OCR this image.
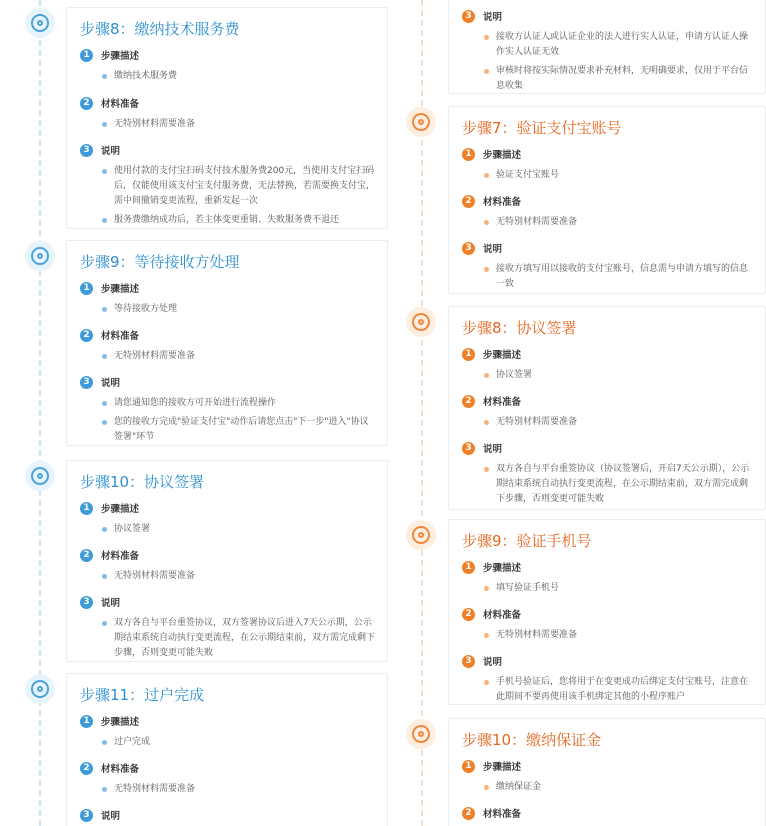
步骤8：缴纳技术服务费
1	步骤描述
缴纳技术服务费
2	材料准备
无特别材料需要准备
3	说明
使用付款的支付宝扫码支付技术服务费200元，当使用支付宝扫码后，仅能使用该支付宝支付服务费，无法替换，若需要换支付宝，需中间撤销变更流程，重新发起一次
服务费缴纳成功后，若主体变更重销、失败服务费不退还
步骤9：等待接收方处理
1	步骤描述
等待接收方处理
2	材料准备
无特别材料需要准备
3	说明
请您通知您的接收方可开始进行流程操作
您的接收方完成"验证支付宝"动作后请您点击"下一步"进入"协议签署"环节
步骤10：协议签署
1	步骤描述
协议签署
2	材料准备
无特别材料需要准备
3	说明
双方各自与平台重签协议，双方签署协议后进入7天公示期，公示期结束系统自动执行变更流程，在公示期结束前，双方需完成剩下步骤，否则变更可能失败
步骤11：过户完成
1	步骤描述
过户完成
2	材料准备
无特别材料需要准备
3	说明
3	说明
接收方认证人或认证企业的法人进行实人认证，申请方认证人操作实人认证无效
审核时将按实际情况要求补充材料，无明确要求，仅用于平台信息收集
步骤7：验证支付宝账号
1	步骤描述
验证支付宝账号
2	材料准备
无特别材料需要准备
3	说明
接收方填写用以接收的支付宝账号，信息需与申请方填写的信息一致
步骤8：协议签署
1	步骤描述
协议签署
2	材料准备
无特别材料需要准备
3	说明
双方各自与平台重签协议（协议签署后，开启7天公示期），公示期结束系统自动执行变更流程，在公示期结束前，双方需完成剩下步骤，否则变更可能失败
步骤9：验证手机号
1	步骤描述
填写验证手机号
2	材料准备
无特别材料需要准备
3	说明
手机号验证后，您将用于在变更成功后绑定支付宝账号，注意在此期间不要再使用该手机绑定其他的小程序账户
步骤10：缴纳保证金
1	步骤描述
缴纳保证金
2	材料准备
